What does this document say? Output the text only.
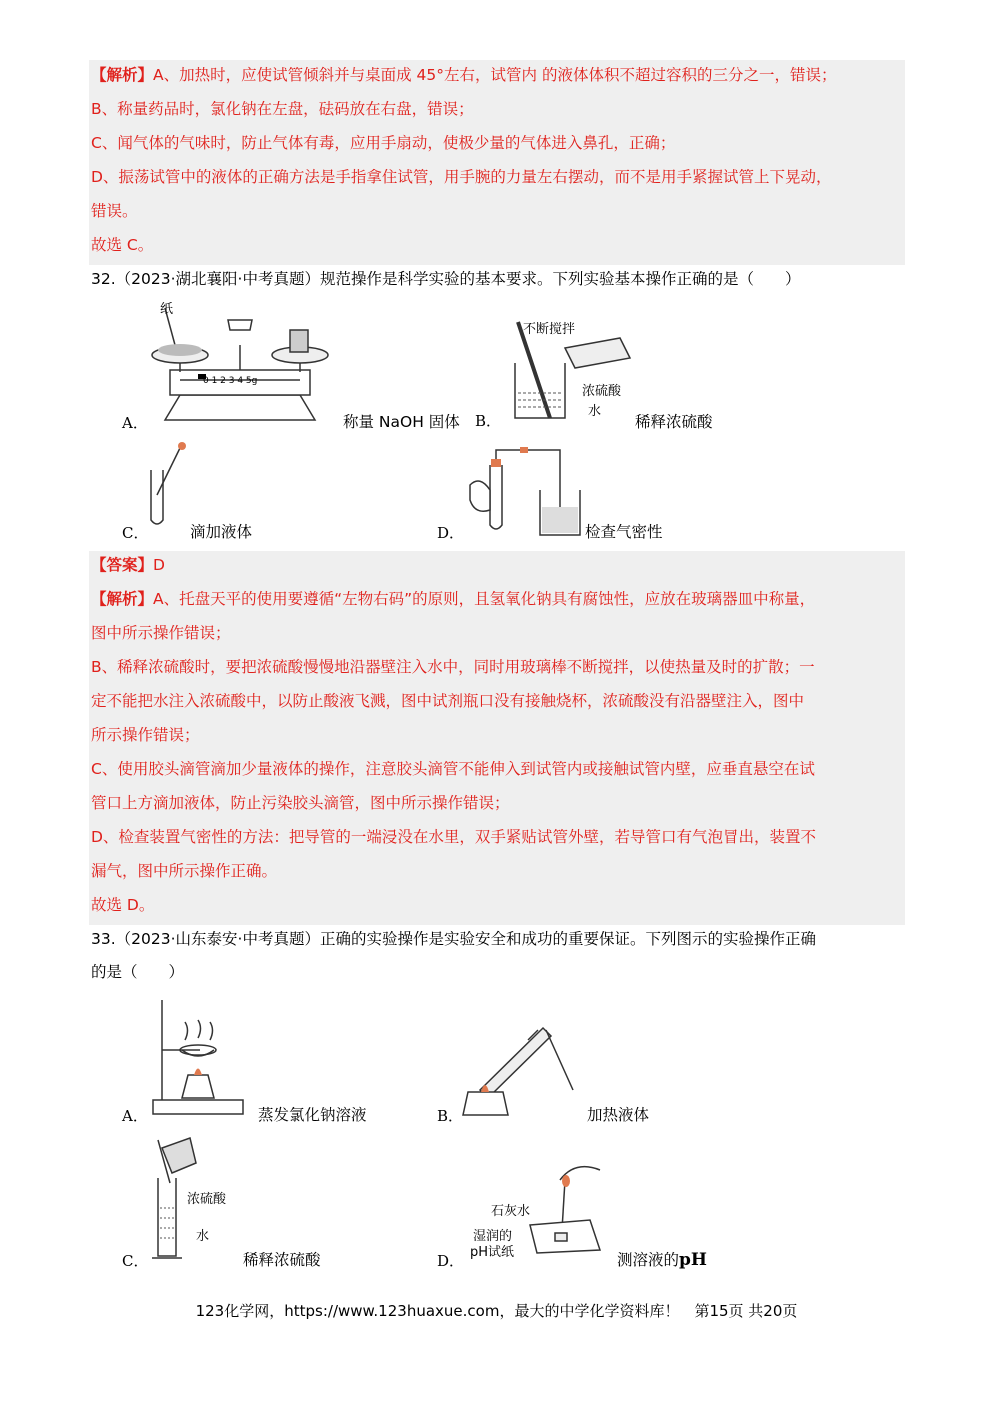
【解析】A、加热时，应使试管倾斜并与桌面成 45°左右，试管内 的液体体积不超过容积的三分之一，错误；
B、称量药品时，氯化钠在左盘，砝码放在右盘，错误；
C、闻气体的气味时，防止气体有毒，应用手扇动，使极少量的气体进入鼻孔，正确；
D、振荡试管中的液体的正确方法是手指拿住试管，用手腕的力量左右摆动，而不是用手紧握试管上下晃动，
错误。
故选 C。
32.（2023·湖北襄阳·中考真题）规范操作是科学实验的基本要求。下列实验基本操作正确的是（　　）
纸
0 1 2 3 4 5g
A．	称量 NaOH 固体
不断搅拌
浓硫酸
水
B．	稀释浓硫酸
C．	滴加液体	D．	检查气密性
【答案】D
【解析】A、托盘天平的使用要遵循“左物右码”的原则，且氢氧化钠具有腐蚀性，应放在玻璃器皿中称量，
图中所示操作错误；
B、稀释浓硫酸时，要把浓硫酸慢慢地沿器壁注入水中，同时用玻璃棒不断搅拌，以使热量及时的扩散；一
定不能把水注入浓硫酸中，以防止酸液飞溅，图中试剂瓶口没有接触烧杯，浓硫酸没有沿器壁注入，图中
所示操作错误；
C、使用胶头滴管滴加少量液体的操作，注意胶头滴管不能伸入到试管内或接触试管内壁，应垂直悬空在试
管口上方滴加液体，防止污染胶头滴管，图中所示操作错误；
D、检查装置气密性的方法：把导管的一端浸没在水里，双手紧贴试管外壁，若导管口有气泡冒出，装置不
漏气，图中所示操作正确。
故选 D。
33.（2023·山东泰安·中考真题）正确的实验操作是实验安全和成功的重要保证。下列图示的实验操作正确
的是（　　）
A．	蒸发氯化钠溶液	B．	加热液体
浓硫酸
水
C．	稀释浓硫酸
石灰水
湿润的
pH试纸
D．	测溶液的pH
123化学网，https://www.123huaxue.com，最大的中学化学资料库！　第15页 共20页
